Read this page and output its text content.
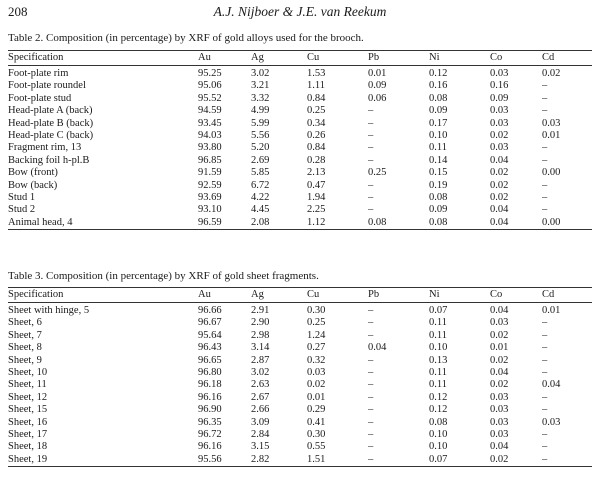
208	A.J. Nijboer & J.E. van Reekum
Table 2. Composition (in percentage) by XRF of gold alloys used for the brooch.
Specification	Au	Ag	Cu	Pb	Ni	Co	Cd
Foot-plate rim	95.25	3.02	1.53	0.01	0.12	0.03	0.02
Foot-plate roundel	95.06	3.21	1.11	0.09	0.16	0.16	–
Foot-plate stud	95.52	3.32	0.84	0.06	0.08	0.09	–
Head-plate A (back)	94.59	4.99	0.25	–	0.09	0.03	–
Head-plate B (back)	93.45	5.99	0.34	–	0.17	0.03	0.03
Head-plate C (back)	94.03	5.56	0.26	–	0.10	0.02	0.01
Fragment rim, 13	93.80	5.20	0.84	–	0.11	0.03	–
Backing foil h-pl.B	96.85	2.69	0.28	–	0.14	0.04	–
Bow (front)	91.59	5.85	2.13	0.25	0.15	0.02	0.00
Bow (back)	92.59	6.72	0.47	–	0.19	0.02	–
Stud 1	93.69	4.22	1.94	–	0.08	0.02	–
Stud 2	93.10	4.45	2.25	–	0.09	0.04	–
Animal head, 4	96.59	2.08	1.12	0.08	0.08	0.04	0.00
Table 3. Composition (in percentage) by XRF of gold sheet fragments.
Specification	Au	Ag	Cu	Pb	Ni	Co	Cd
Sheet with hinge, 5	96.66	2.91	0.30	–	0.07	0.04	0.01
Sheet, 6	96.67	2.90	0.25	–	0.11	0.03	–
Sheet, 7	95.64	2.98	1.24	–	0.11	0.02	–
Sheet, 8	96.43	3.14	0.27	0.04	0.10	0.01	–
Sheet, 9	96.65	2.87	0.32	–	0.13	0.02	–
Sheet, 10	96.80	3.02	0.03	–	0.11	0.04	–
Sheet, 11	96.18	2.63	0.02	–	0.11	0.02	0.04
Sheet, 12	96.16	2.67	0.01	–	0.12	0.03	–
Sheet, 15	96.90	2.66	0.29	–	0.12	0.03	–
Sheet, 16	96.35	3.09	0.41	–	0.08	0.03	0.03
Sheet, 17	96.72	2.84	0.30	–	0.10	0.03	–
Sheet, 18	96.16	3.15	0.55	–	0.10	0.04	–
Sheet, 19	95.56	2.82	1.51	–	0.07	0.02	–
